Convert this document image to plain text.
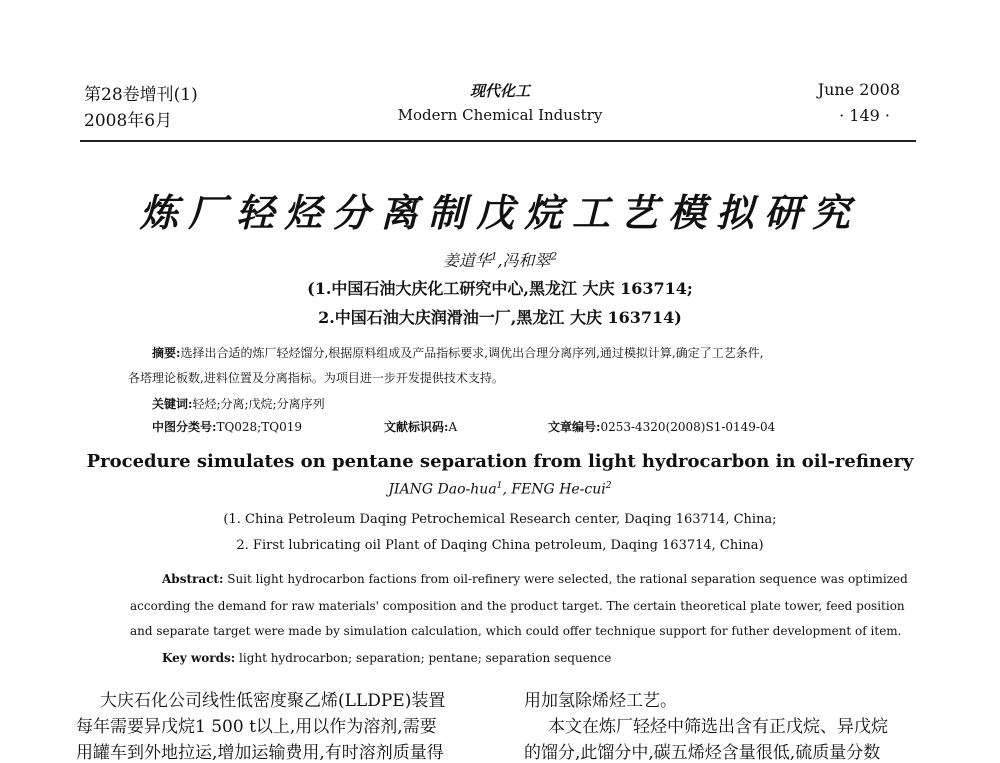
第28卷增刊(1)
2008年6月
现代化工
Modern Chemical Industry
June 2008
· 149 ·
炼厂轻烃分离制戊烷工艺模拟研究
姜道华$^1$,冯和翠$^2$
(1.中国石油大庆化工研究中心,黑龙江 大庆 163714;
2.中国石油大庆润滑油一厂,黑龙江 大庆 163714)
摘要:选择出合适的炼厂轻烃馏分,根据原料组成及产品指标要求,调优出合理分离序列,通过模拟计算,确定了工艺条件,
各塔理论板数,进料位置及分离指标。为项目进一步开发提供技术支持。
关键词:轻烃;分离;戊烷;分离序列
中图分类号:TQ028;TQ019	文献标识码:A	文章编号:0253-4320(2008)S1-0149-04
Procedure simulates on pentane separation from light hydrocarbon in oil-refinery
JIANG Dao-hua$^1$, FENG He-cui$^2$
(1. China Petroleum Daqing Petrochemical Research center, Daqing 163714, China;
2. First lubricating oil Plant of Daqing China petroleum, Daqing 163714, China)
Abstract: Suit light hydrocarbon factions from oil-refinery were selected, the rational separation sequence was optimized
according the demand for raw materials' composition and the product target. The certain theoretical plate tower, feed position
and separate target were made by simulation calculation, which could offer technique support for futher development of item.
Key words: light hydrocarbon; separation; pentane; separation sequence
大庆石化公司线性低密度聚乙烯(LLDPE)装置
每年需要异戊烷1 500 t以上,用以作为溶剂,需要
用罐车到外地拉运,增加运输费用,有时溶剂质量得
用加氢除烯烃工艺。
本文在炼厂轻烃中筛选出含有正戊烷、异戊烷
的馏分,此馏分中,碳五烯烃含量很低,硫质量分数
